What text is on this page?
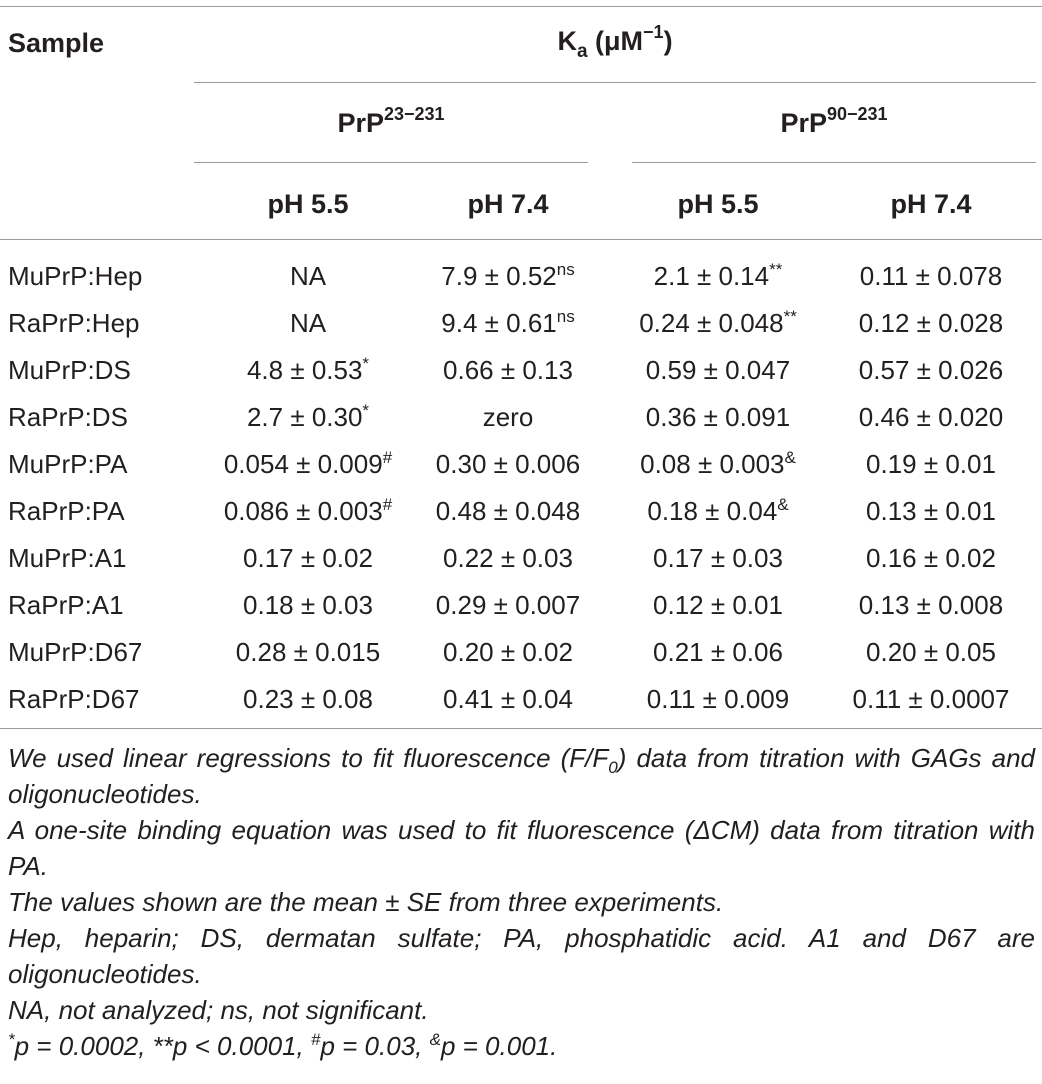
Sample	$K_a$ $(\mu M^{-1})$
PrP$^{23-231}$	PrP$^{90-231}$
pH 5.5	pH 7.4	pH 5.5	pH 7.4
MuPrP:Hep	NA	$7.9 \pm 0.52^{ns}$	2.1 ± 0.14**	0.11 ± 0.078
RaPrP:Hep	NA	$9.4 \pm 0.61^{ns}$	0.24 ± 0.048**	0.12 ± 0.028
MuPrP:DS	4.8 ± 0.53*	0.66 ± 0.13	0.59 ± 0.047	0.57 ± 0.026
RaPrP:DS	2.7 ± 0.30*	zero	0.36 ± 0.091	0.46 ± 0.020
MuPrP:PA	0.054 ± 0.009#	0.30 ± 0.006	0.08 ± 0.003&	0.19 ± 0.01
RaPrP:PA	0.086 ± 0.003#	0.48 ± 0.048	0.18 ± 0.04&	0.13 ± 0.01
MuPrP:A1	0.17 ± 0.02	0.22 ± 0.03	0.17 ± 0.03	0.16 ± 0.02
RaPrP:A1	0.18 ± 0.03	0.29 ± 0.007	0.12 ± 0.01	0.13 ± 0.008
MuPrP:D67	0.28 ± 0.015	0.20 ± 0.02	0.21 ± 0.06	0.20 ± 0.05
RaPrP:D67	0.23 ± 0.08	0.41 ± 0.04	0.11 ± 0.009	0.11 ± 0.0007
We used linear regressions to fit fluorescence $(F/F_0)$ data from titration with GAGs and oligonucleotides.
A one-site binding equation was used to fit fluorescence (ΔCM) data from titration with PA.
The values shown are the mean ± SE from three experiments.
Hep, heparin; DS, dermatan sulfate; PA, phosphatidic acid. A1 and D67 are oligonucleotides.
NA, not analyzed; ns, not significant.
*p = 0.0002, **p < 0.0001, #p = 0.03, &p = 0.001.
